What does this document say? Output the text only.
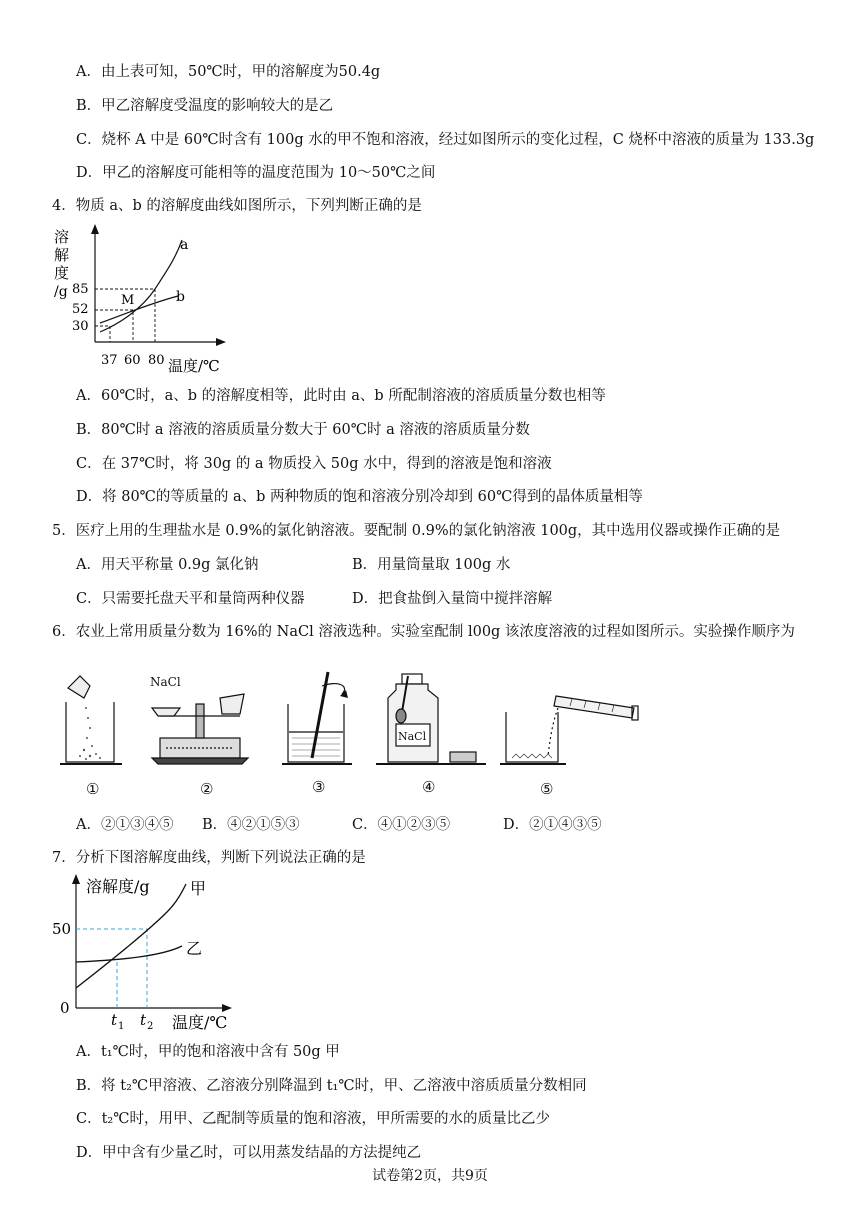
A．由上表可知，50℃时，甲的溶解度为50.4g
B．甲乙溶解度受温度的影响较大的是乙
C．烧杯 A 中是 60℃时含有 100g 水的甲不饱和溶液，经过如图所示的变化过程，C 烧杯中溶液的质量为 133.3g
D．甲乙的溶解度可能相等的温度范围为 10～50℃之间
4．物质 a、b 的溶解度曲线如图所示，下列判断正确的是
溶
解
度
/g 85
52
30
37 60 80 温度/℃
a
b
M
A．60℃时，a、b 的溶解度相等，此时由 a、b 所配制溶液的溶质质量分数也相等
B．80℃时 a 溶液的溶质质量分数大于 60℃时 a 溶液的溶质质量分数
C．在 37℃时，将 30g 的 a 物质投入 50g 水中，得到的溶液是饱和溶液
D．将 80℃的等质量的 a、b 两种物质的饱和溶液分别冷却到 60℃得到的晶体质量相等
5．医疗上用的生理盐水是 0.9%的氯化钠溶液。要配制 0.9%的氯化钠溶液 100g，其中选用仪器或操作正确的是
A．用天平称量 0.9g 氯化钠	B．用量筒量取 100g 水
C．只需要托盘天平和量筒两种仪器	D．把食盐倒入量筒中搅拌溶解
6．农业上常用质量分数为 16%的 NaCl 溶液选种。实验室配制 l00g 该浓度溶液的过程如图所示。实验操作顺序为
NaCl
NaCl
①	②	③	④	⑤
A．②①③④⑤ B．④②①⑤③	C．④①②③⑤	D．②①④③⑤
7．分析下图溶解度曲线，判断下列说法正确的是
溶解度/g
50
0
甲
乙
t 1 t 2 温度/℃
A．t₁℃时，甲的饱和溶液中含有 50g 甲
B．将 t₂℃甲溶液、乙溶液分别降温到 t₁℃时，甲、乙溶液中溶质质量分数相同
C．t₂℃时，用甲、乙配制等质量的饱和溶液，甲所需要的水的质量比乙少
D．甲中含有少量乙时，可以用蒸发结晶的方法提纯乙
试卷第2页，共9页
